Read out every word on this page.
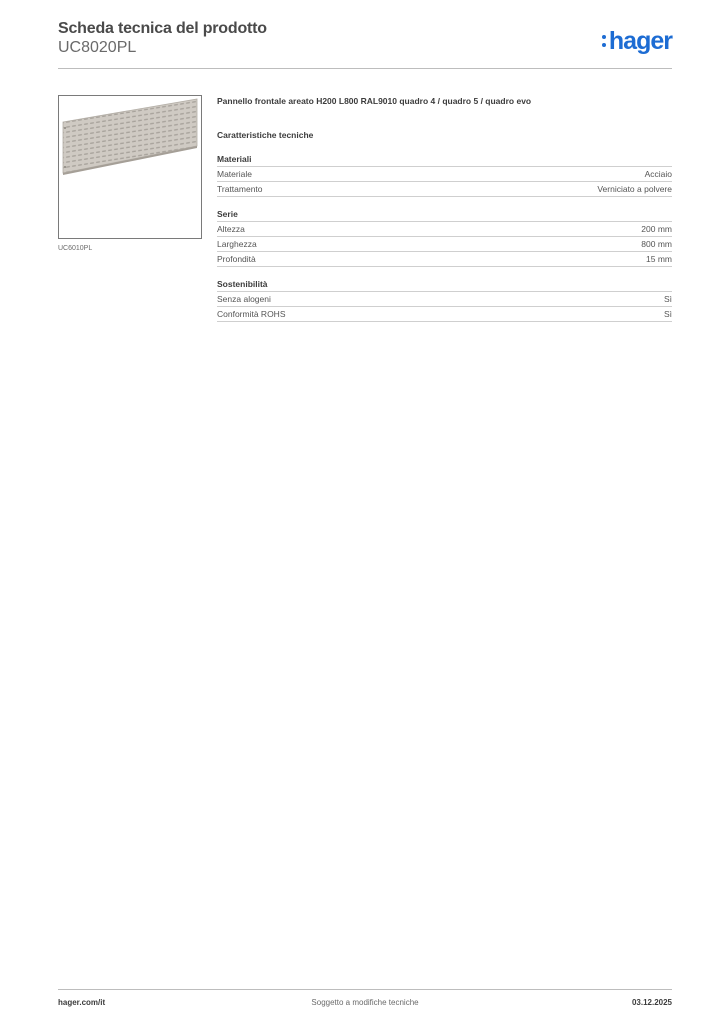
Scheda tecnica del prodotto
UC8020PL	hager
UC6010PL
Pannello frontale areato H200 L800 RAL9010 quadro 4 / quadro 5 / quadro evo
Caratteristiche tecniche
Materiali
Materiale	Acciaio
Trattamento	Verniciato a polvere
Serie
Altezza	200 mm
Larghezza	800 mm
Profondità	15 mm
Sostenibilità
Senza alogeni	Sì
Conformità ROHS	Sì
Soggetto a modifiche tecniche
hager.com/it	03.12.2025
